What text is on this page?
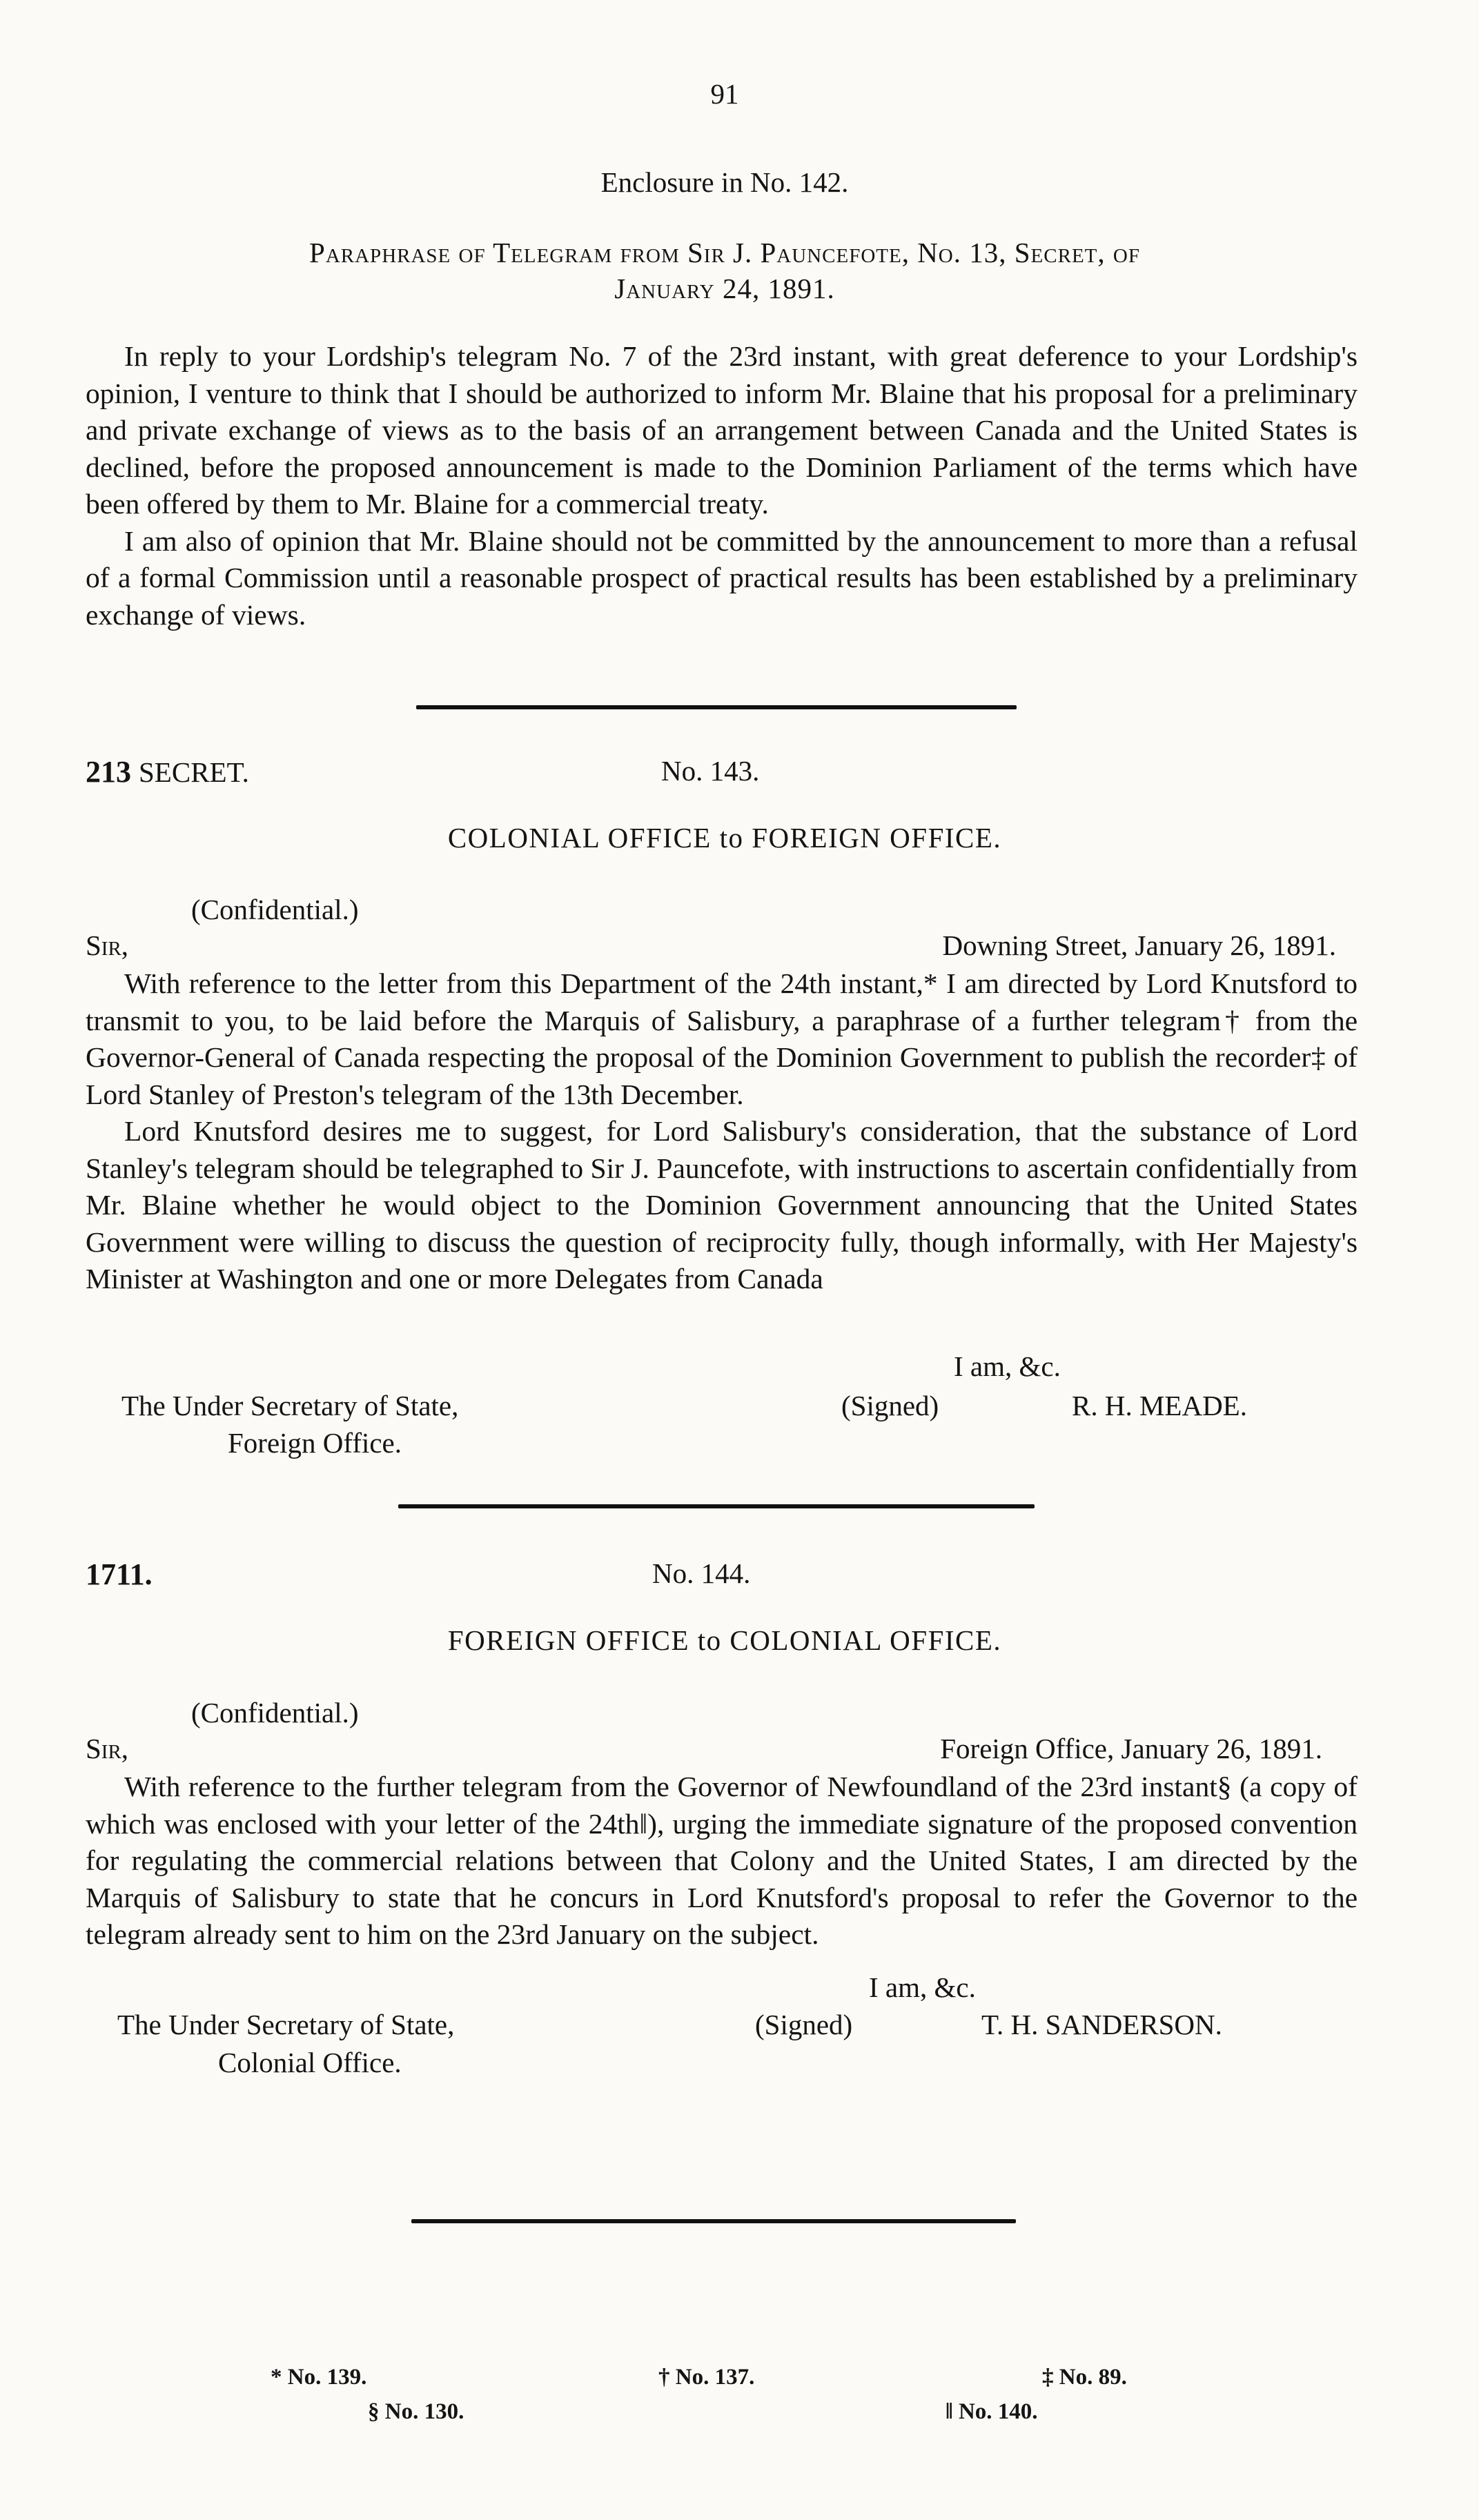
91
Enclosure in No. 142.
Paraphrase of Telegram from Sir J. Pauncefote, No. 13, Secret, of
January 24, 1891.

In reply to your Lordship's telegram No. 7 of the 23rd instant, with great deference to your Lordship's opinion, I venture to think that I should be authorized to inform Mr. Blaine that his proposal for a preliminary and private exchange of views as to the basis of an arrangement between Canada and the United States is declined, before the proposed announcement is made to the Dominion Parliament of the terms which have been offered by them to Mr. Blaine for a commercial treaty.

I am also of opinion that Mr. Blaine should not be committed by the announcement to more than a refusal of a formal Commission until a reasonable prospect of practical results has been established by a preliminary exchange of views.

213 SECRET.	No. 143.
COLONIAL OFFICE to FOREIGN OFFICE.
(Confidential.)
Sir,	Downing Street, January 26, 1891.

With reference to the letter from this Department of the 24th instant,* I am directed by Lord Knutsford to transmit to you, to be laid before the Marquis of Salisbury, a paraphrase of a further telegram† from the Governor-General of Canada respecting the proposal of the Dominion Government to publish the recorder‡ of Lord Stanley of Preston's telegram of the 13th December.

Lord Knutsford desires me to suggest, for Lord Salisbury's consideration, that the substance of Lord Stanley's telegram should be telegraphed to Sir J. Pauncefote, with instructions to ascertain confidentially from Mr. Blaine whether he would object to the Dominion Government announcing that the United States Government were willing to discuss the question of reciprocity fully, though informally, with Her Majesty's Minister at Washington and one or more Delegates from Canada

I am, &c.
The Under Secretary of State,
Foreign Office.
(Signed)	R. H. MEADE.
1711.	No. 144.
FOREIGN OFFICE to COLONIAL OFFICE.
(Confidential.)
Sir,	Foreign Office, January 26, 1891.

With reference to the further telegram from the Governor of Newfoundland of the 23rd instant§ (a copy of which was enclosed with your letter of the 24th‖), urging the immediate signature of the proposed convention for regulating the commercial relations between that Colony and the United States, I am directed by the Marquis of Salisbury to state that he concurs in Lord Knutsford's proposal to refer the Governor to the telegram already sent to him on the 23rd January on the subject.

I am, &c.
The Under Secretary of State,
Colonial Office.
(Signed)	T. H. SANDERSON.
* No. 139.	† No. 137.	‡ No. 89.
§ No. 130.	‖ No. 140.
